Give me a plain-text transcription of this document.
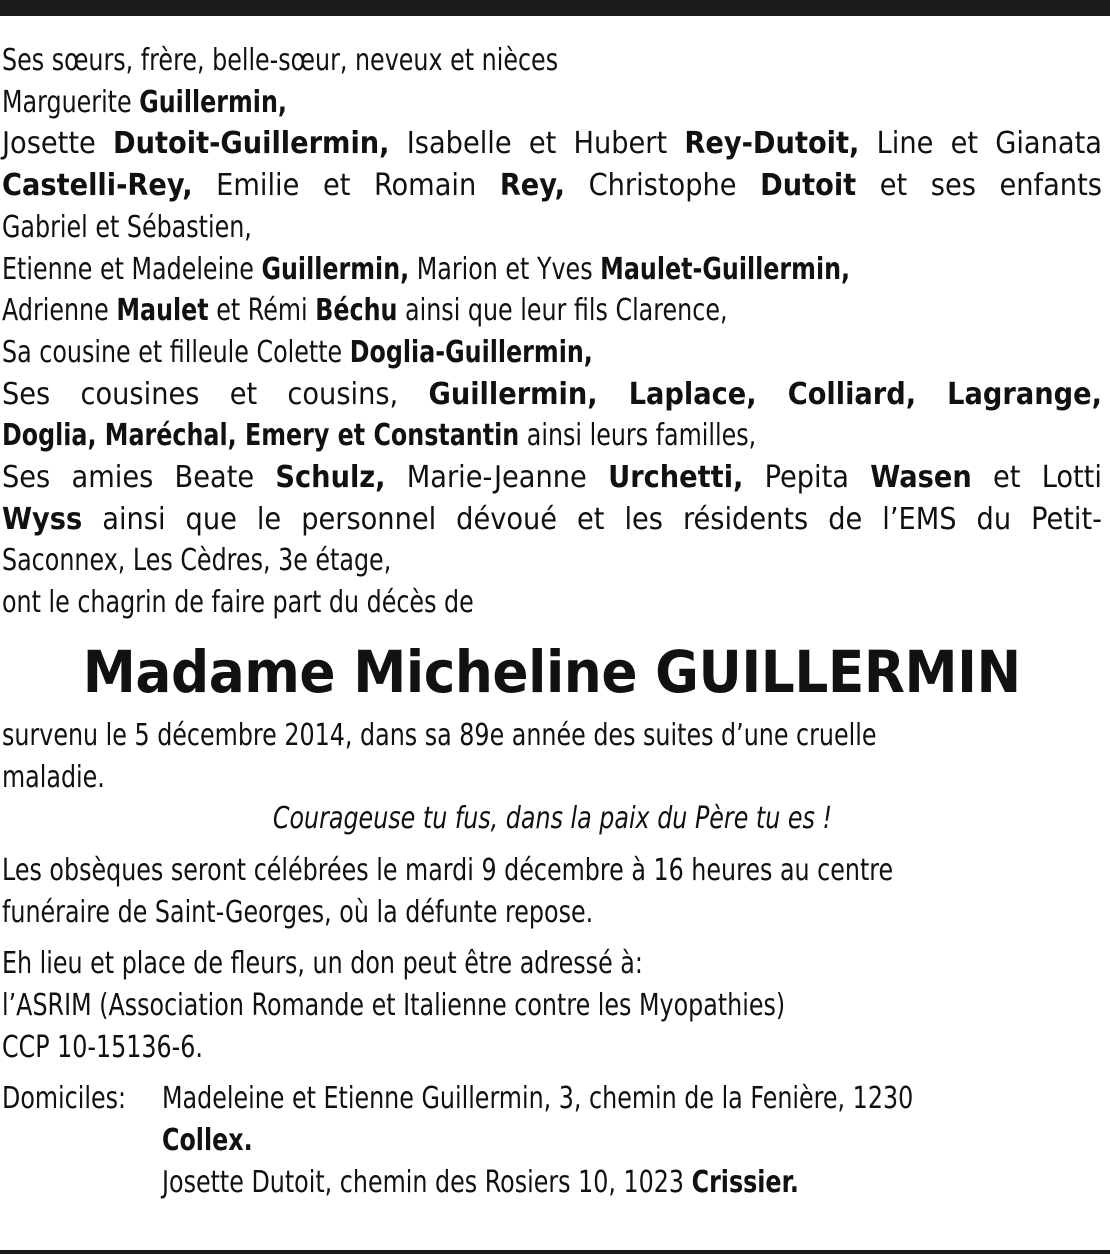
Ses sœurs, frère, belle-sœur, neveux et nièces

Marguerite Guillermin,

Josette Dutoit-Guillermin, Isabelle et Hubert Rey-Dutoit, Line et Gianata

Castelli-Rey, Emilie et Romain Rey, Christophe Dutoit et ses enfants

Gabriel et Sébastien,

Etienne et Madeleine Guillermin, Marion et Yves Maulet-Guillermin,

Adrienne Maulet et Rémi Béchu ainsi que leur fils Clarence,

Sa cousine et filleule Colette Doglia-Guillermin,

Ses cousines et cousins, Guillermin, Laplace, Colliard, Lagrange,

Doglia, Maréchal, Emery et Constantin ainsi leurs familles,

Ses amies Beate Schulz, Marie-Jeanne Urchetti, Pepita Wasen et Lotti

Wyss ainsi que le personnel dévoué et les résidents de l’EMS du Petit-

Saconnex, Les Cèdres, 3e étage,

ont le chagrin de faire part du décès de

Madame Micheline GUILLERMIN

survenu le 5 décembre 2014, dans sa 89e année des suites d’une cruelle

maladie.

Courageuse tu fus, dans la paix du Père tu es !

Les obsèques seront célébrées le mardi 9 décembre à 16 heures au centre

funéraire de Saint-Georges, où la défunte repose.

Eh lieu et place de fleurs, un don peut être adressé à:

l’ASRIM (Association Romande et Italienne contre les Myopathies)

CCP 10-15136-6.

Domiciles:	Madeleine et Etienne Guillermin, 3, chemin de la Fenière, 1230

Collex.

Josette Dutoit, chemin des Rosiers 10, 1023 Crissier.
